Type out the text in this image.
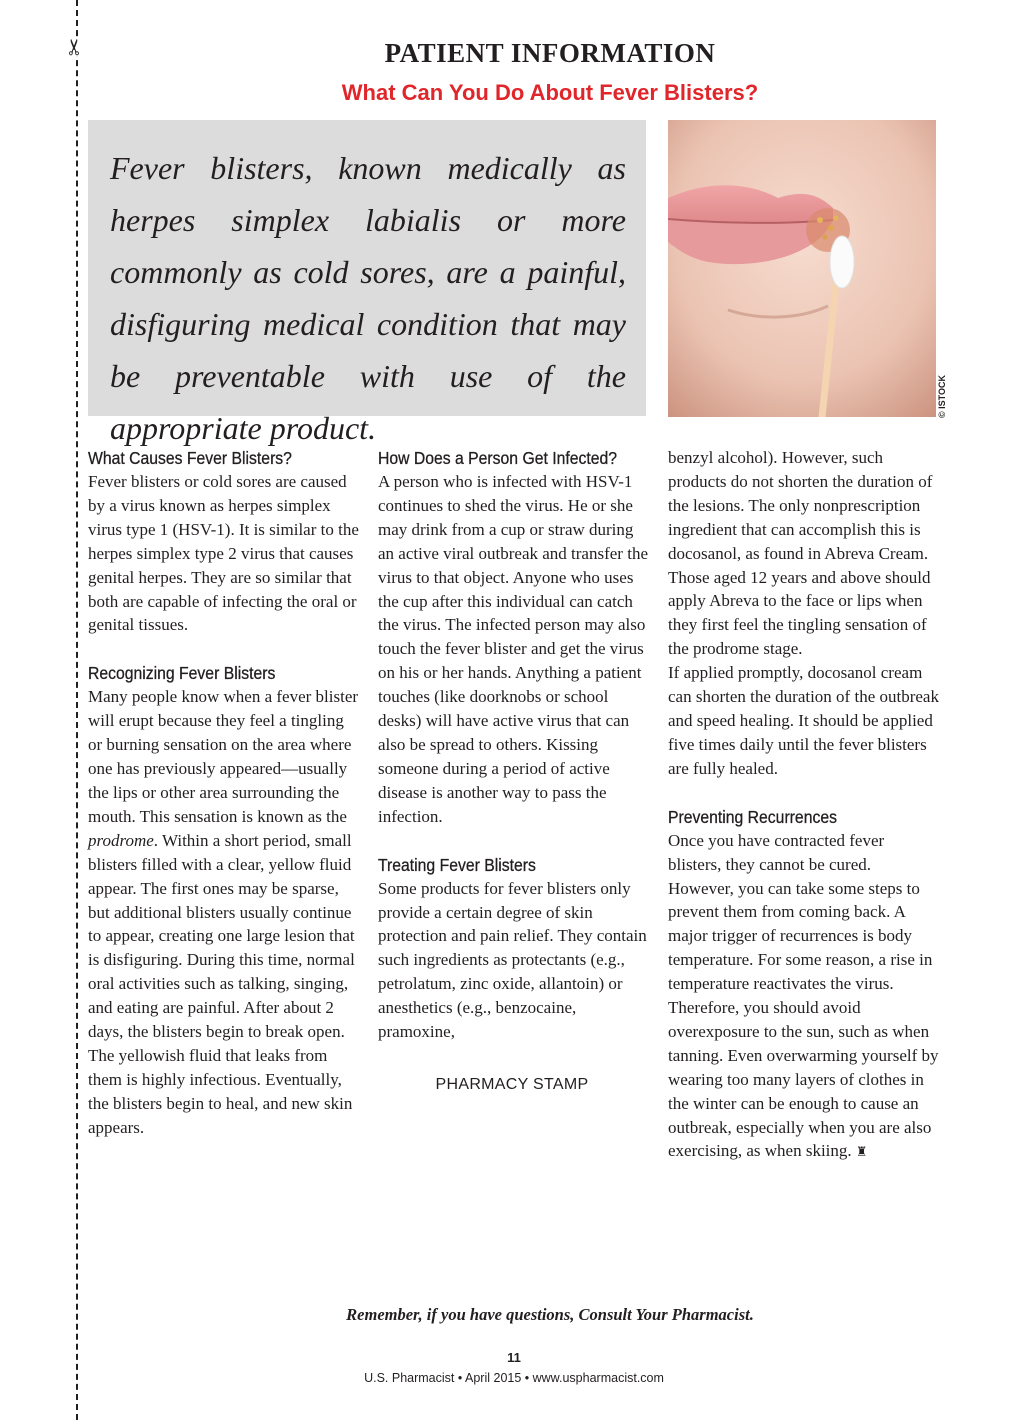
✂	PATIENT INFORMATION
What Can You Do About Fever Blisters?

Fever blisters, known medically as herpes simplex labialis or more commonly as cold sores, are a painful, disfiguring medical condition that may be preventable with use of the appropriate product.

© ISTOCK
What Causes Fever Blisters?

Fever blisters or cold sores are caused by a virus known as herpes simplex virus type 1 (HSV-1). It is similar to the herpes simplex type 2 virus that causes genital herpes. They are so similar that both are capable of infecting the oral or genital tissues.

Recognizing Fever Blisters

Many people know when a fever blister will erupt because they feel a tingling or burning sensation on the area where one has previously appeared—usually the lips or other area surrounding the mouth. This sensation is known as the prodrome. Within a short period, small blisters filled with a clear, yellow fluid appear. The first ones may be sparse, but additional blisters usually continue to appear, creating one large lesion that is disfiguring. During this time, normal oral activities such as talking, singing, and eating are painful. After about 2 days, the blisters begin to break open.

The yellowish fluid that leaks from them is highly infectious. Eventually, the blisters begin to heal, and new skin appears.

How Does a Person Get Infected?

A person who is infected with HSV-1 continues to shed the virus. He or she may drink from a cup or straw during an active viral outbreak and transfer the virus to that object. Anyone who uses the cup after this individual can catch the virus. The infected person may also touch the fever blister and get the virus on his or her hands. Anything a patient touches (like doorknobs or school desks) will have active virus that can also be spread to others. Kissing someone during a period of active disease is another way to pass the infection.

Treating Fever Blisters

Some products for fever blisters only provide a certain degree of skin protection and pain relief. They contain such ingredients as protectants (e.g., petrolatum, zinc oxide, allantoin) or anesthetics (e.g., benzocaine, pramoxine,

PHARMACY STAMP

benzyl alcohol). However, such products do not shorten the duration of the lesions. The only nonprescription ingredient that can accomplish this is docosanol, as found in Abreva Cream. Those aged 12 years and above should apply Abreva to the face or lips when they first feel the tingling sensation of the prodrome stage.

If applied promptly, docosanol cream can shorten the duration of the outbreak and speed healing. It should be applied five times daily until the fever blisters are fully healed.

Preventing Recurrences

Once you have contracted fever blisters, they cannot be cured. However, you can take some steps to prevent them from coming back. A major trigger of recurrences is body temperature. For some reason, a rise in temperature reactivates the virus. Therefore, you should avoid overexposure to the sun, such as when tanning. Even overwarming yourself by wearing too many layers of clothes in the winter can be enough to cause an outbreak, especially when you are also exercising, as when skiing. ♜

Remember, if you have questions, Consult Your Pharmacist.
11
U.S. Pharmacist • April 2015 • www.uspharmacist.com
